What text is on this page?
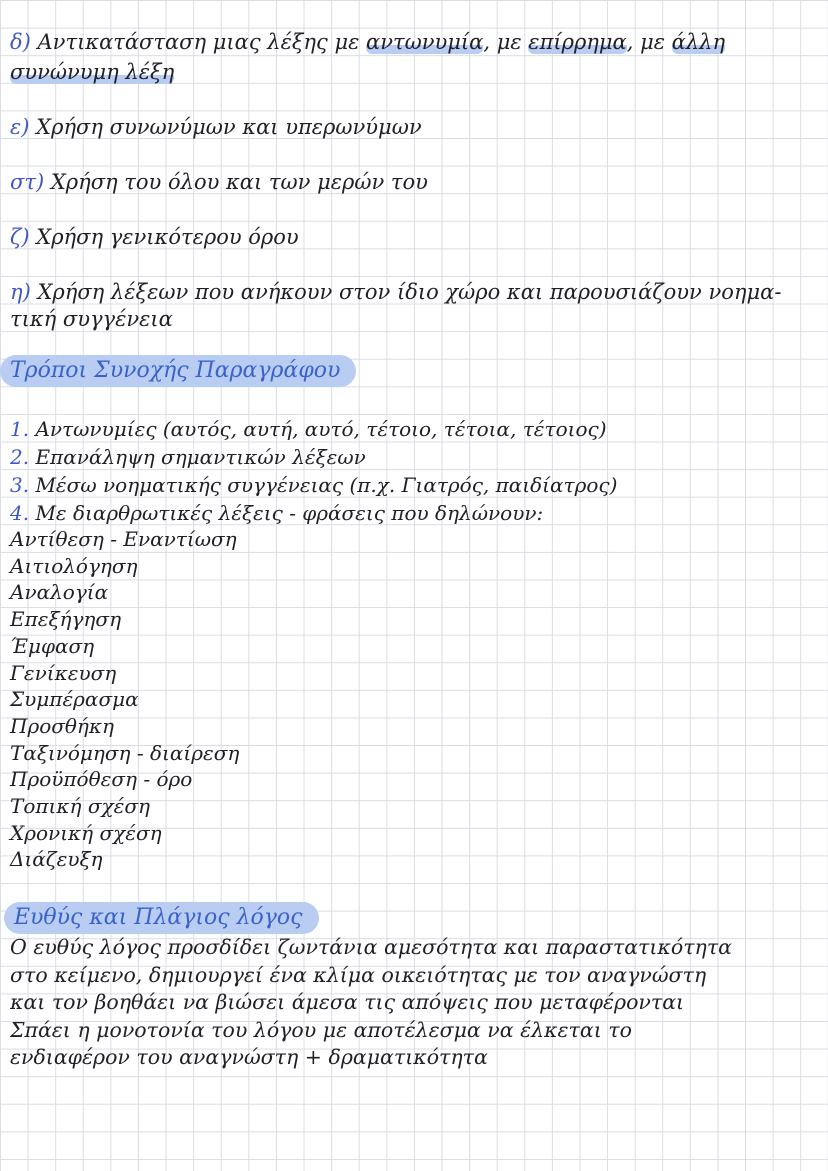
δ) Αντικατάσταση μιας λέξης με αντωνυμία, με επίρρημα, με άλλη
συνώνυμη λέξη
ε) Χρήση συνωνύμων και υπερωνύμων
στ) Χρήση του όλου και των μερών του
ζ) Χρήση γενικότερου όρου
η) Χρήση λέξεων που ανήκουν στον ίδιο χώρο και παρουσιάζουν νοημα-
τική συγγένεια
Τρόποι Συνοχής Παραγράφου
1. Αντωνυμίες (αυτός, αυτή, αυτό, τέτοιο, τέτοια, τέτοιος)
2. Επανάληψη σημαντικών λέξεων
3. Μέσω νοηματικής συγγένειας (π.χ. Γιατρός, παιδίατρος)
4. Με διαρθρωτικές λέξεις - φράσεις που δηλώνουν:
Αντίθεση - Εναντίωση
Αιτιολόγηση
Αναλογία
Επεξήγηση
Έμφαση
Γενίκευση
Συμπέρασμα
Προσθήκη
Ταξινόμηση - διαίρεση
Προϋπόθεση - όρο
Τοπική σχέση
Χρονική σχέση
Διάζευξη
Ευθύς και Πλάγιος λόγος
Ο ευθύς λόγος προσδίδει ζωντάνια αμεσότητα και παραστατικότητα
στο κείμενο, δημιουργεί ένα κλίμα οικειότητας με τον αναγνώστη
και τον βοηθάει να βιώσει άμεσα τις απόψεις που μεταφέρονται
Σπάει η μονοτονία του λόγου με αποτέλεσμα να έλκεται το
ενδιαφέρον του αναγνώστη + δραματικότητα
